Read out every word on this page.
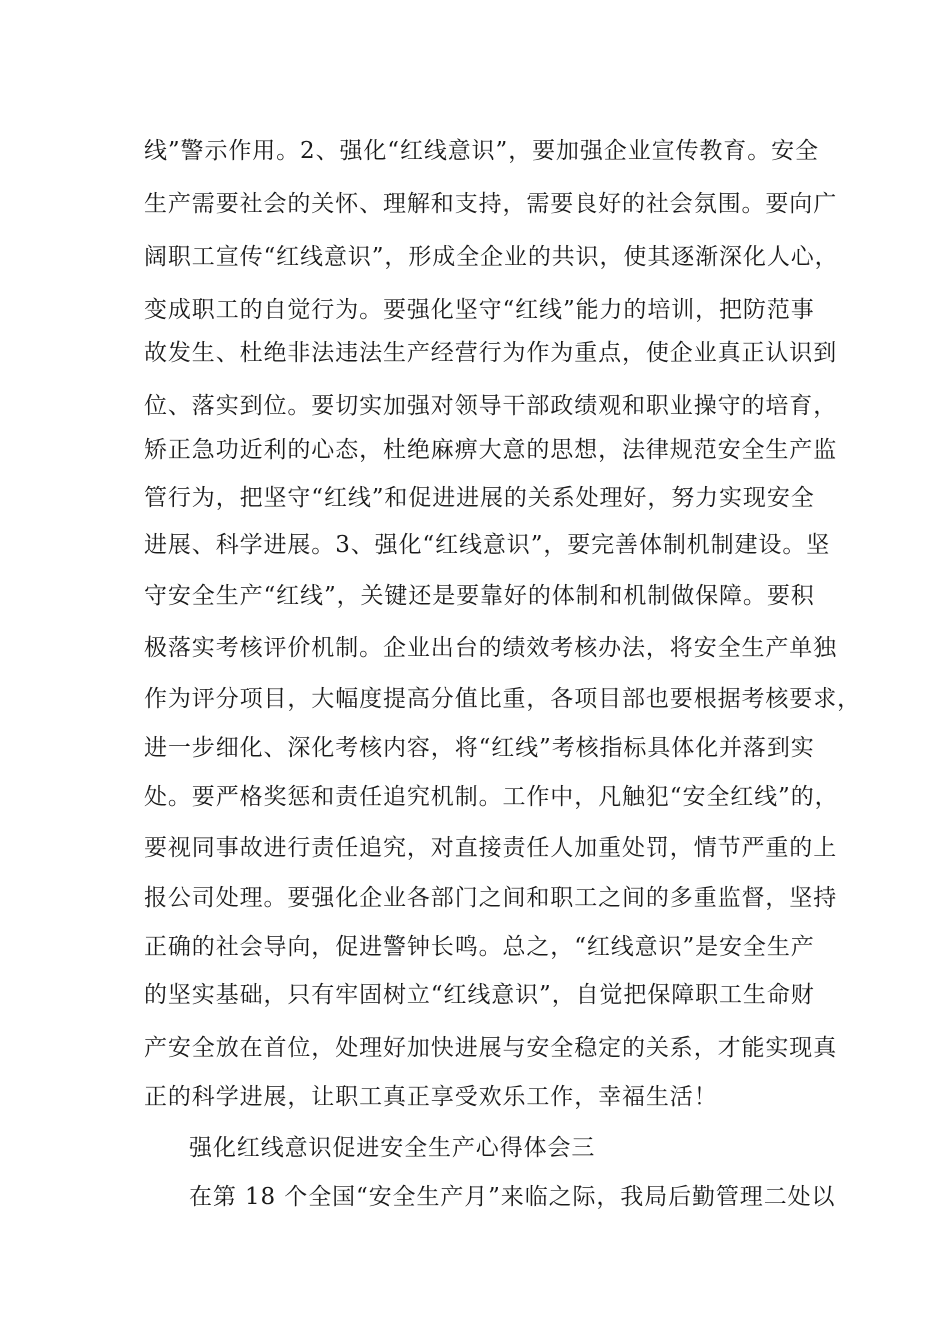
线”警示作用。2、强化“红线意识”，要加强企业宣传教育。安全
生产需要社会的关怀、理解和支持，需要良好的社会氛围。要向广
阔职工宣传“红线意识”，形成全企业的共识，使其逐渐深化人心，
变成职工的自觉行为。要强化坚守“红线”能力的培训，把防范事
故发生、杜绝非法违法生产经营行为作为重点，使企业真正认识到
位、落实到位。要切实加强对领导干部政绩观和职业操守的培育，
矫正急功近利的心态，杜绝麻痹大意的思想，法律规范安全生产监
管行为，把坚守“红线”和促进进展的关系处理好，努力实现安全
进展、科学进展。3、强化“红线意识”，要完善体制机制建设。坚
守安全生产“红线”，关键还是要靠好的体制和机制做保障。要积
极落实考核评价机制。企业出台的绩效考核办法，将安全生产单独
作为评分项目，大幅度提高分值比重，各项目部也要根据考核要求，
进一步细化、深化考核内容，将“红线”考核指标具体化并落到实
处。要严格奖惩和责任追究机制。工作中，凡触犯“安全红线”的，
要视同事故进行责任追究，对直接责任人加重处罚，情节严重的上
报公司处理。要强化企业各部门之间和职工之间的多重监督，坚持
正确的社会导向，促进警钟长鸣。总之，“红线意识”是安全生产
的坚实基础，只有牢固树立“红线意识”，自觉把保障职工生命财
产安全放在首位，处理好加快进展与安全稳定的关系，才能实现真
正的科学进展，让职工真正享受欢乐工作，幸福生活！
强化红线意识促进安全生产心得体会三
在第 18 个全国“安全生产月”来临之际，我局后勤管理二处以
